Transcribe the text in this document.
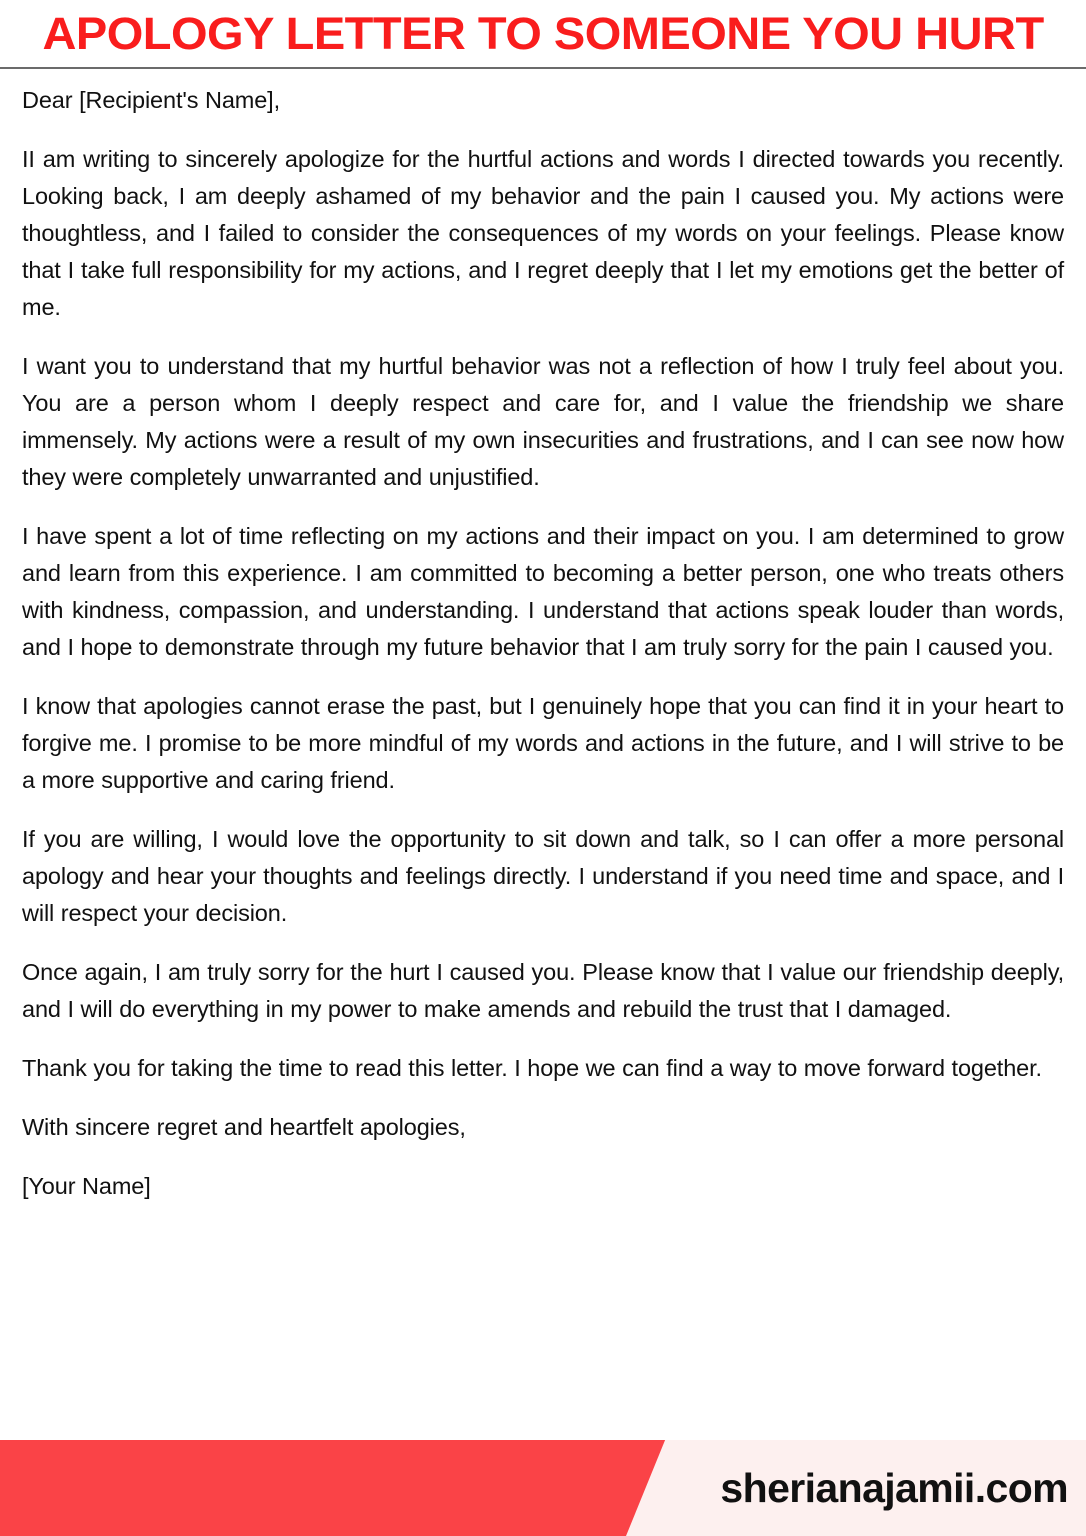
APOLOGY LETTER TO SOMEONE YOU HURT

Dear [Recipient's Name],

II am writing to sincerely apologize for the hurtful actions and words I directed towards you recently. Looking back, I am deeply ashamed of my behavior and the pain I caused you. My actions were thoughtless, and I failed to consider the consequences of my words on your feelings. Please know that I take full responsibility for my actions, and I regret deeply that I let my emotions get the better of me.

I want you to understand that my hurtful behavior was not a reflection of how I truly feel about you. You are a person whom I deeply respect and care for, and I value the friendship we share immensely. My actions were a result of my own insecurities and frustrations, and I can see now how they were completely unwarranted and unjustified.

I have spent a lot of time reflecting on my actions and their impact on you. I am determined to grow and learn from this experience. I am committed to becoming a better person, one who treats others with kindness, compassion, and understanding. I understand that actions speak louder than words, and I hope to demonstrate through my future behavior that I am truly sorry for the pain I caused you.

I know that apologies cannot erase the past, but I genuinely hope that you can find it in your heart to forgive me. I promise to be more mindful of my words and actions in the future, and I will strive to be a more supportive and caring friend.

If you are willing, I would love the opportunity to sit down and talk, so I can offer a more personal apology and hear your thoughts and feelings directly. I understand if you need time and space, and I will respect your decision.

Once again, I am truly sorry for the hurt I caused you. Please know that I value our friendship deeply, and I will do everything in my power to make amends and rebuild the trust that I damaged.

Thank you for taking the time to read this letter. I hope we can find a way to move forward together.

With sincere regret and heartfelt apologies,

[Your Name]

sherianajamii.com
